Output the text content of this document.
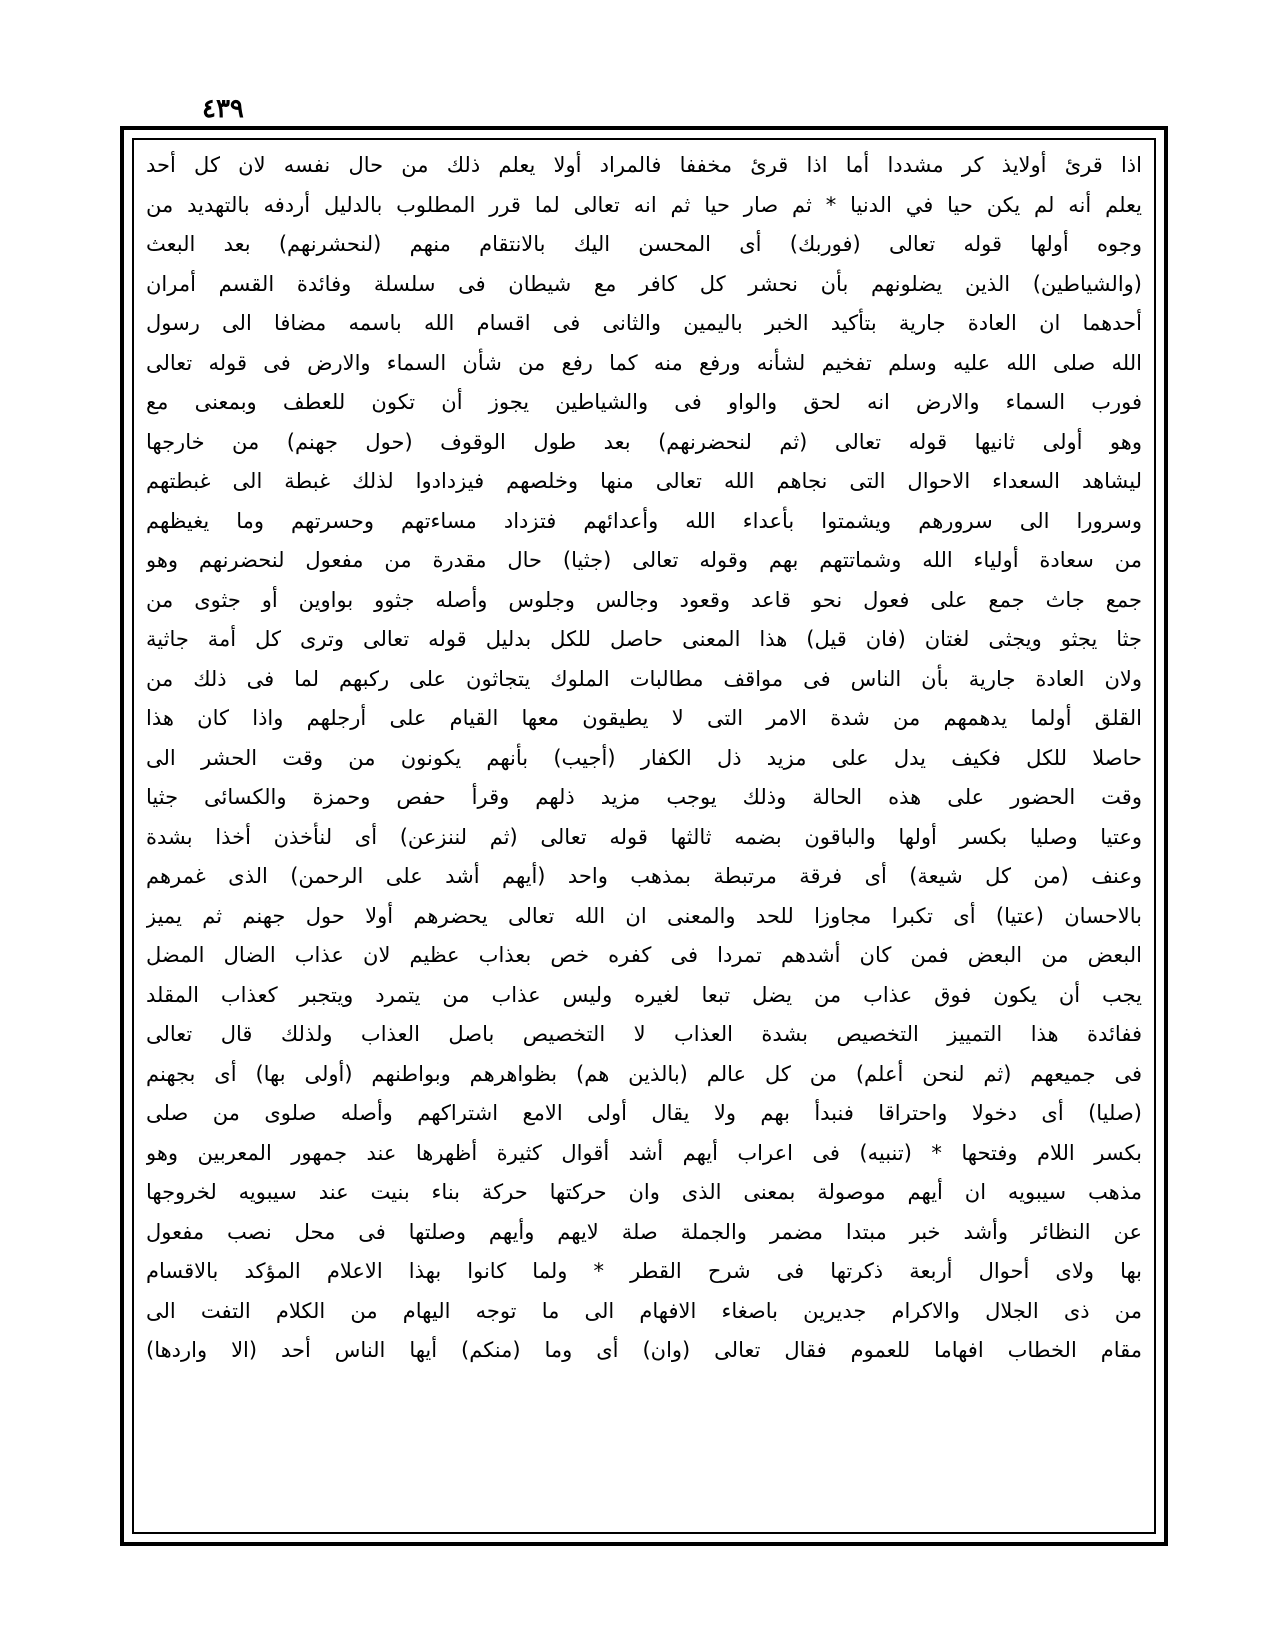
٤٣٩
اذا قرئ أولايذ كر مشددا أما اذا قرئ مخففا فالمراد أولا يعلم ذلك من حال نفسه لان كل أحد
يعلم أنه لم يكن حيا في الدنيا * ثم صار حيا ثم انه تعالى لما قرر المطلوب بالدليل أردفه بالتهديد من
وجوه أولها قوله تعالى (فوربك) أى المحسن اليك بالانتقام منهم (لنحشرنهم) بعد البعث
(والشياطين) الذين يضلونهم بأن نحشر كل كافر مع شيطان فى سلسلة وفائدة القسم أمران
أحدهما ان العادة جارية بتأكيد الخبر باليمين والثانى فى اقسام الله باسمه مضافا الى رسول
الله صلى الله عليه وسلم تفخيم لشأنه ورفع منه كما رفع من شأن السماء والارض فى قوله تعالى
فورب السماء والارض انه لحق والواو فى والشياطين يجوز أن تكون للعطف وبمعنى مع
وهو أولى ثانيها قوله تعالى (ثم لنحضرنهم) بعد طول الوقوف (حول جهنم) من خارجها
ليشاهد السعداء الاحوال التى نجاهم الله تعالى منها وخلصهم فيزدادوا لذلك غبطة الى غبطتهم
وسرورا الى سرورهم ويشمتوا بأعداء الله وأعدائهم فتزداد مساءتهم وحسرتهم وما يغيظهم
من سعادة أولياء الله وشماتتهم بهم وقوله تعالى (جثيا) حال مقدرة من مفعول لنحضرنهم وهو
جمع جاث جمع على فعول نحو قاعد وقعود وجالس وجلوس وأصله جثوو بواوين أو جثوى من
جثا يجثو ويجثى لغتان (فان قيل) هذا المعنى حاصل للكل بدليل قوله تعالى وترى كل أمة جاثية
ولان العادة جارية بأن الناس فى مواقف مطالبات الملوك يتجاثون على ركبهم لما فى ذلك من
القلق أولما يدهمهم من شدة الامر التى لا يطيقون معها القيام على أرجلهم واذا كان هذا
حاصلا للكل فكيف يدل على مزيد ذل الكفار (أجيب) بأنهم يكونون من وقت الحشر الى
وقت الحضور على هذه الحالة وذلك يوجب مزيد ذلهم وقرأ حفص وحمزة والكسائى جثيا
وعتيا وصليا بكسر أولها والباقون بضمه ثالثها قوله تعالى (ثم لننزعن) أى لنأخذن أخذا بشدة
وعنف (من كل شيعة) أى فرقة مرتبطة بمذهب واحد (أيهم أشد على الرحمن) الذى غمرهم
بالاحسان (عتيا) أى تكبرا مجاوزا للحد والمعنى ان الله تعالى يحضرهم أولا حول جهنم ثم يميز
البعض من البعض فمن كان أشدهم تمردا فى كفره خص بعذاب عظيم لان عذاب الضال المضل
يجب أن يكون فوق عذاب من يضل تبعا لغيره وليس عذاب من يتمرد ويتجبر كعذاب المقلد
ففائدة هذا التمييز التخصيص بشدة العذاب لا التخصيص باصل العذاب ولذلك قال تعالى
فى جميعهم (ثم لنحن أعلم) من كل عالم (بالذين هم) بظواهرهم وبواطنهم (أولى بها) أى بجهنم
(صليا) أى دخولا واحتراقا فنبدأ بهم ولا يقال أولى الامع اشتراكهم وأصله صلوى من صلى
بكسر اللام وفتحها * (تنبيه) فى اعراب أيهم أشد أقوال كثيرة أظهرها عند جمهور المعربين وهو
مذهب سيبويه ان أيهم موصولة بمعنى الذى وان حركتها حركة بناء بنيت عند سيبويه لخروجها
عن النظائر وأشد خبر مبتدا مضمر والجملة صلة لايهم وأيهم وصلتها فى محل نصب مفعول
بها ولاى أحوال أربعة ذكرتها فى شرح القطر * ولما كانوا بهذا الاعلام المؤكد بالاقسام
من ذى الجلال والاكرام جديرين باصغاء الافهام الى ما توجه اليهام من الكلام التفت الى
مقام الخطاب افهاما للعموم فقال تعالى (وان) أى وما (منكم) أيها الناس أحد (الا واردها)
